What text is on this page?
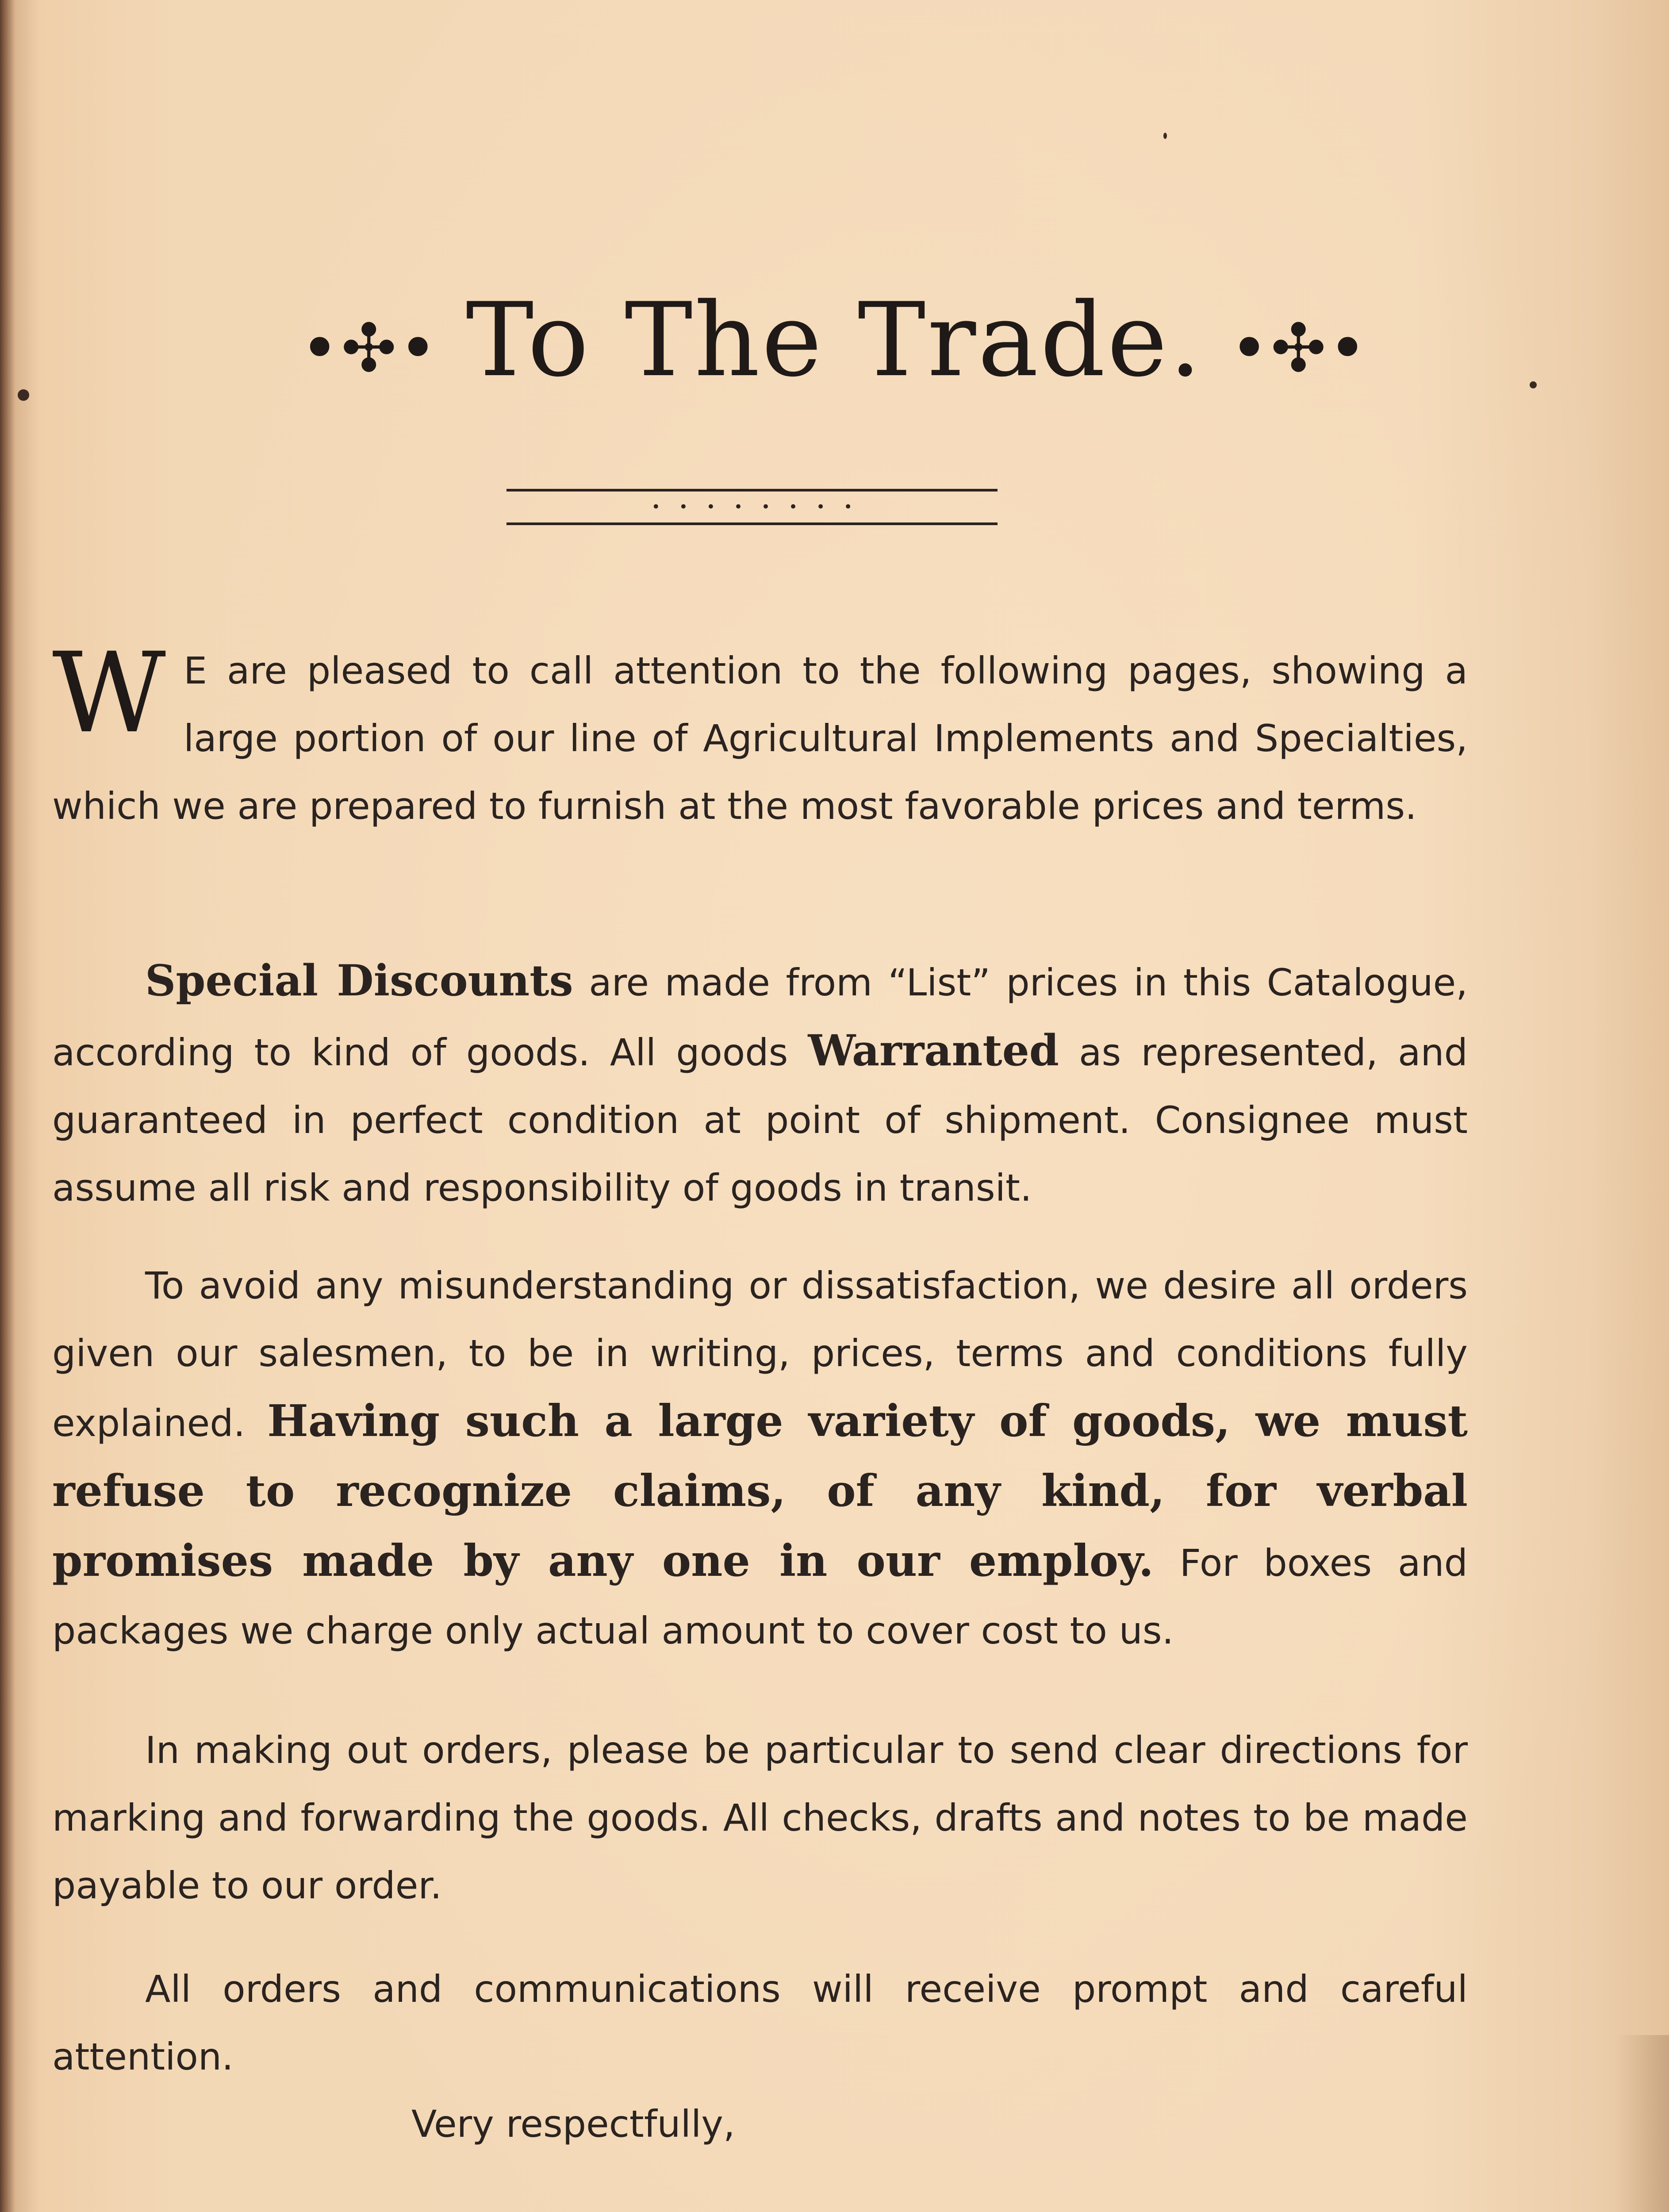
•✣• To The Trade. •✣•
••••••••

W E are pleased to call attention to the following pages, showing a large portion of our line of Agricultural Implements and Specialties, which we are prepared to furnish at the most favorable prices and terms.

Special Discounts are made from “List” prices in this Catalogue, according to kind of goods. All goods Warranted as represented, and guaranteed in perfect condition at point of shipment. Consignee must assume all risk and responsibility of goods in transit.

To avoid any misunderstanding or dissatisfaction, we desire all orders given our salesmen, to be in writing, prices, terms and conditions fully explained. Having such a large variety of goods, we must refuse to recognize claims, of any kind, for verbal promises made by any one in our employ. For boxes and packages we charge only actual amount to cover cost to us.

In making out orders, please be particular to send clear directions for marking and forwarding the goods. All checks, drafts and notes to be made payable to our order.

All orders and communications will receive prompt and careful attention.

Very respectfully,
